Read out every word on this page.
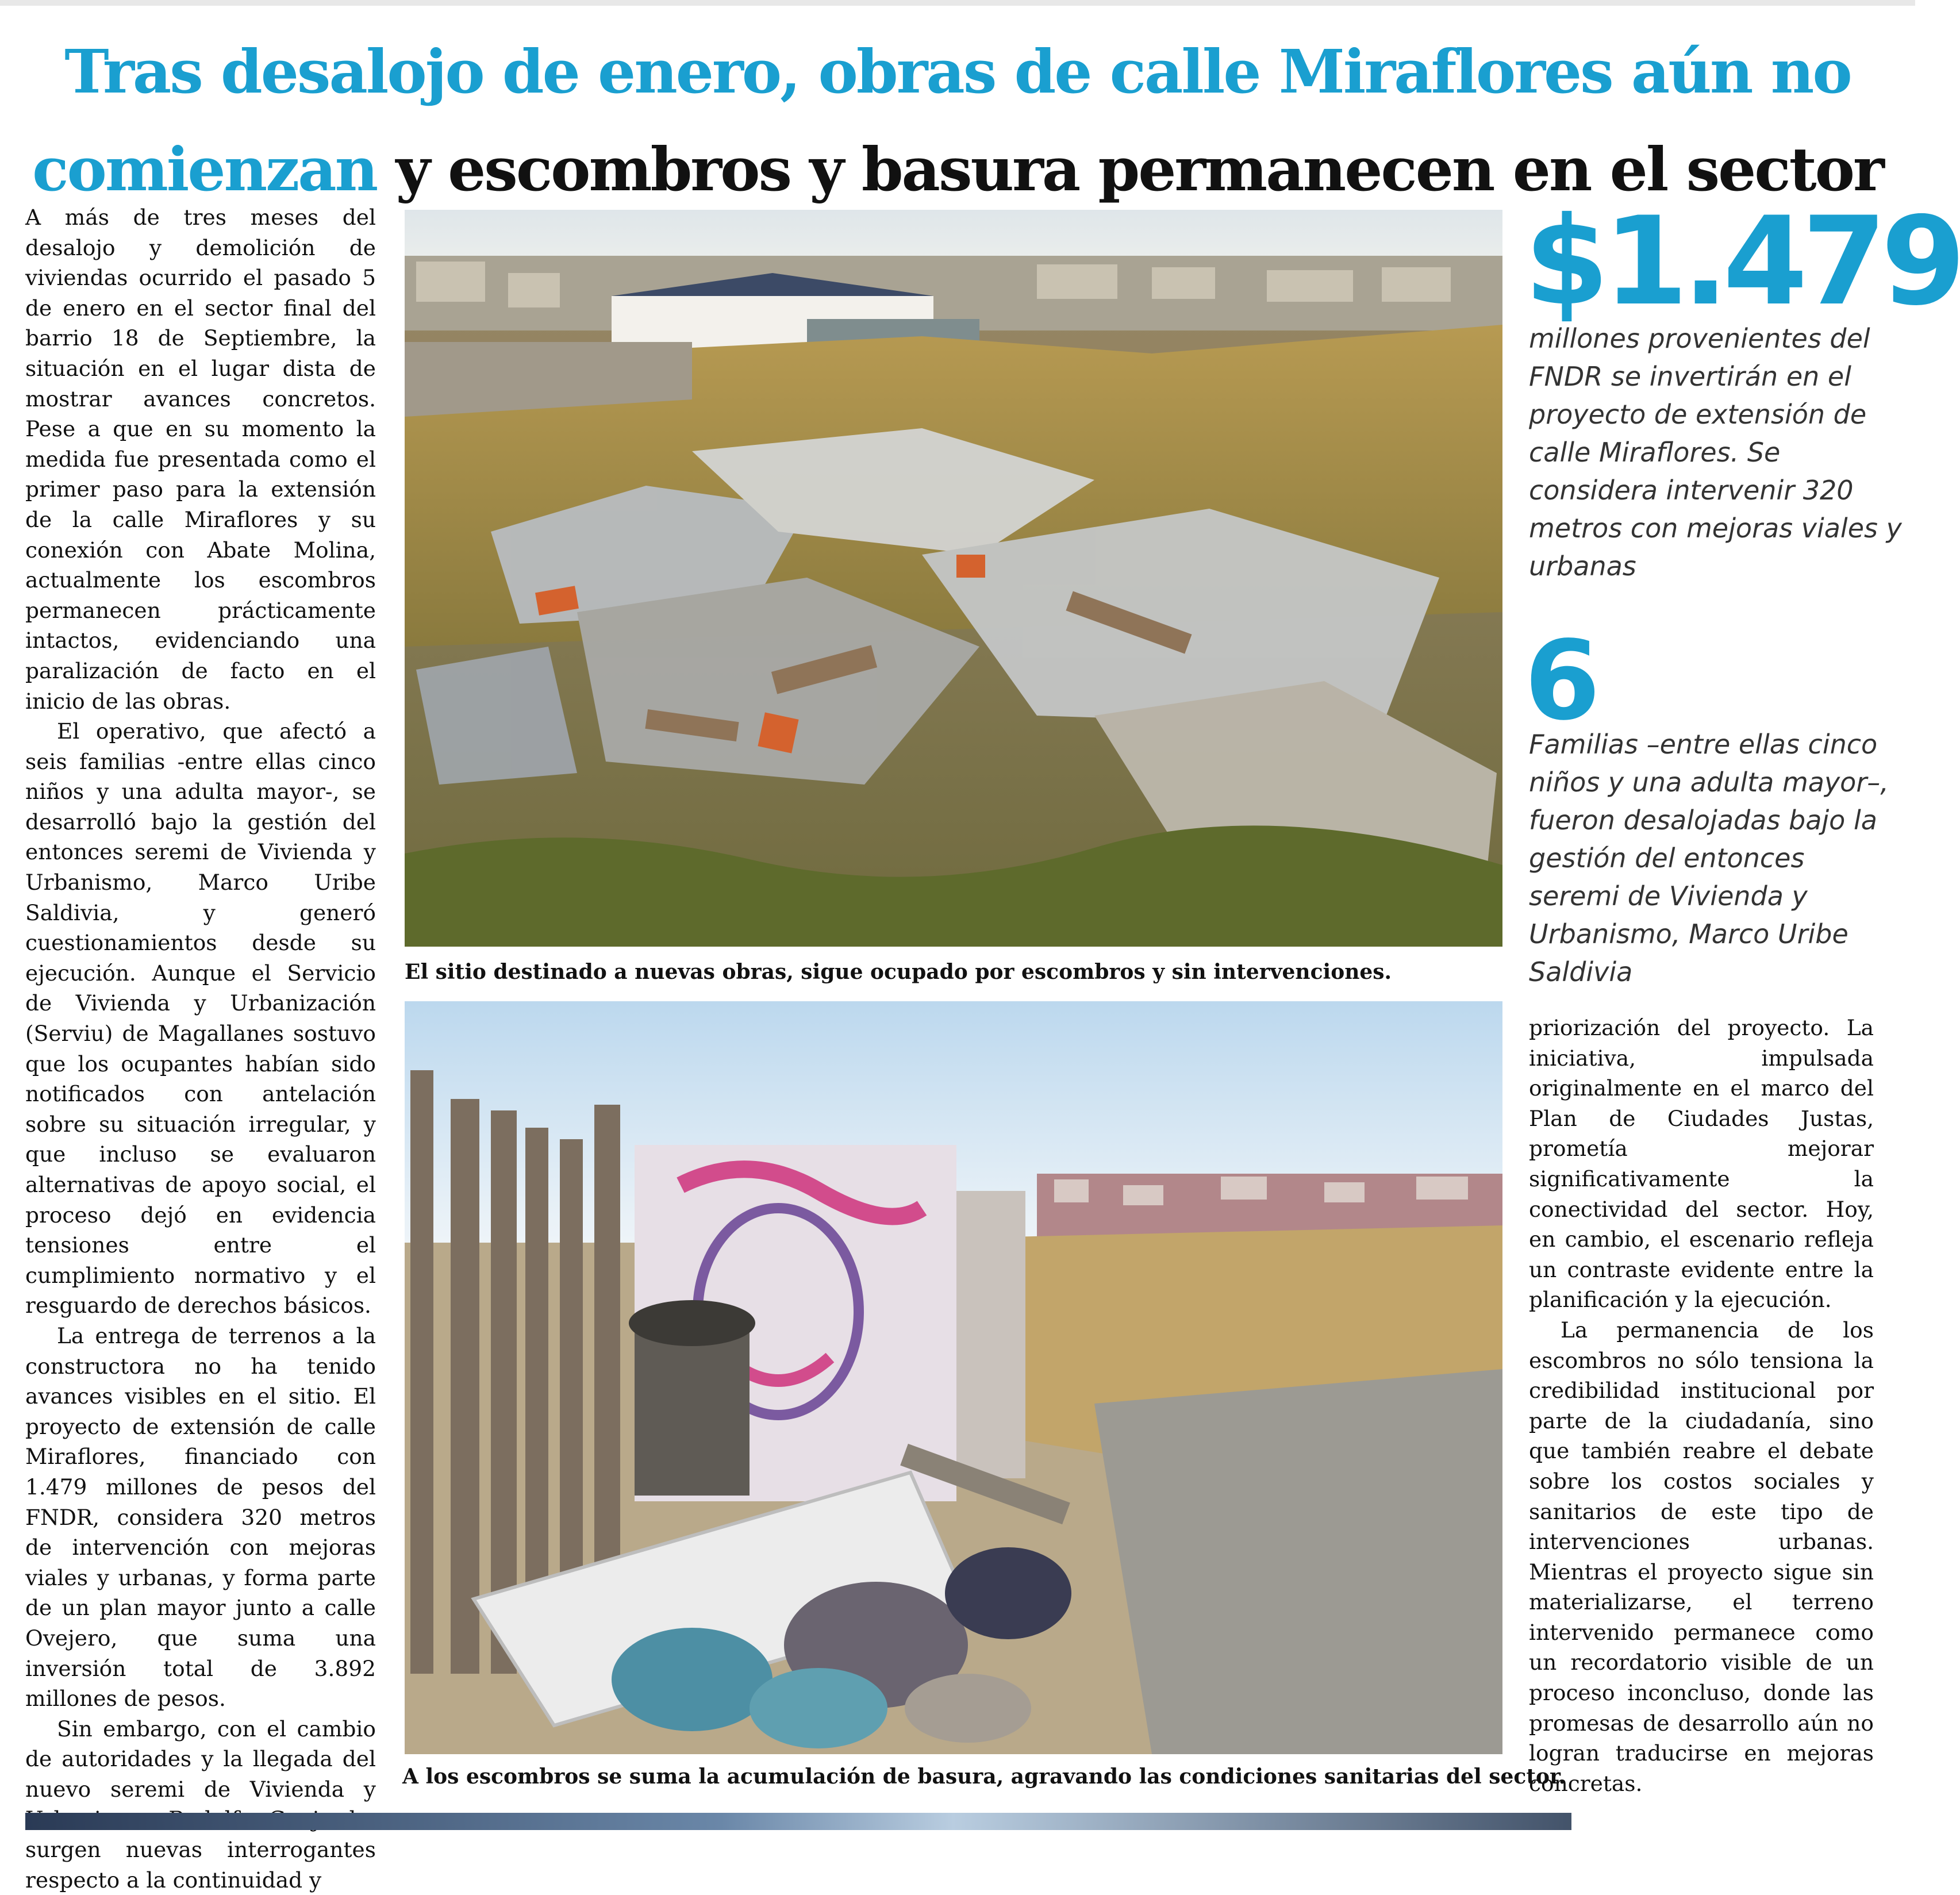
Tras desalojo de enero, obras de calle Miraflores aún no
comienzan y escombros y basura permanecen en el sector

A más de tres meses del desalojo y demolición de viviendas ocurrido el pasado 5 de enero en el sector final del barrio 18 de Septiembre, la situación en el lugar dista de mostrar avances concretos. Pese a que en su momento la medida fue presentada como el primer paso para la extensión de la calle Miraflores y su conexión con Abate Molina, actualmente los escombros permanecen prácticamente intactos, evidenciando una paralización de facto en el inicio de las obras.

El operativo, que afectó a seis familias -entre ellas cinco niños y una adulta mayor-, se desarrolló bajo la gestión del entonces seremi de Vivienda y Urbanismo, Marco Uribe Saldivia, y generó cuestionamientos desde su ejecución. Aunque el Servicio de Vivienda y Urbanización (Serviu) de Magallanes sostuvo que los ocupantes habían sido notificados con antelación sobre su situación irregular, y que incluso se evaluaron alternativas de apoyo social, el proceso dejó en evidencia tensiones entre el cumplimiento normativo y el resguardo de derechos básicos.

La entrega de terrenos a la constructora no ha tenido avances visibles en el sitio. El proyecto de extensión de calle Miraflores, financiado con 1.479 millones de pesos del FNDR, considera 320 metros de intervención con mejoras viales y urbanas, y forma parte de un plan mayor junto a calle Ovejero, que suma una inversión total de 3.892 millones de pesos.

Sin embargo, con el cambio de autoridades y la llegada del nuevo seremi de Vivienda y surgen nuevas interrogantes respecto a la continuidad y

El sitio destinado a nuevas obras, sigue ocupado por escombros y sin intervenciones.
A los escombros se suma la acumulación de basura, agravando las condiciones sanitarias del sector.
$1.479
millones provenientes del FNDR se invertirán en el proyecto de extensión de calle Miraflores. Se considera intervenir 320 metros con mejoras viales y urbanas
6
Familias –entre ellas cinco niños y una adulta mayor–, fueron desalojadas bajo la gestión del entonces seremi de Vivienda y Urbanismo, Marco Uribe Saldivia

priorización del proyecto. La iniciativa, impulsada originalmente en el marco del Plan de Ciudades Justas, prometía mejorar significativamente la conectividad del sector. Hoy, en cambio, el escenario refleja un contraste evidente entre la planificación y la ejecución.

La permanencia de los escombros no sólo tensiona la credibilidad institucional por parte de la ciudadanía, sino que también reabre el debate sobre los costos sociales y sanitarios de este tipo de intervenciones urbanas. Mientras el proyecto sigue sin materializarse, el terreno intervenido permanece como un recordatorio visible de un proceso inconcluso, donde las promesas de desarrollo aún no logran traducirse en mejoras concretas.
